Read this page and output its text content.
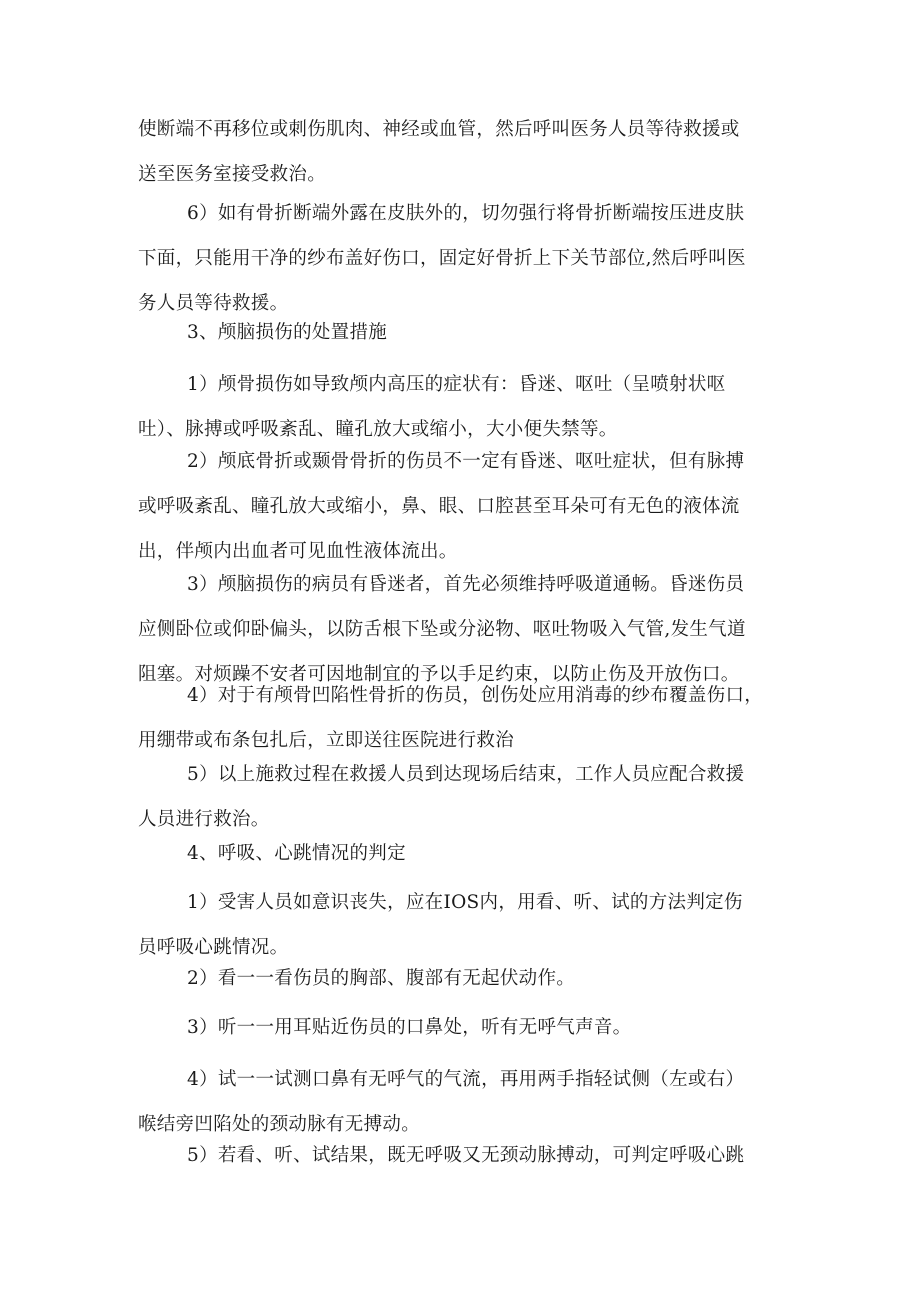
使断端不再移位或刺伤肌肉、神经或血管，然后呼叫医务人员等待救援或
送至医务室接受救治。
6）如有骨折断端外露在皮肤外的，切勿强行将骨折断端按压进皮肤
下面，只能用干净的纱布盖好伤口，固定好骨折上下关节部位,然后呼叫医
务人员等待救援。
3、颅脑损伤的处置措施
1）颅骨损伤如导致颅内高压的症状有：昏迷、呕吐（呈喷射状呕
吐）、脉搏或呼吸紊乱、瞳孔放大或缩小，大小便失禁等。
2）颅底骨折或颞骨骨折的伤员不一定有昏迷、呕吐症状，但有脉搏
或呼吸紊乱、瞳孔放大或缩小，鼻、眼、口腔甚至耳朵可有无色的液体流
出，伴颅内出血者可见血性液体流出。
3）颅脑损伤的病员有昏迷者，首先必须维持呼吸道通畅。昏迷伤员
应侧卧位或仰卧偏头，以防舌根下坠或分泌物、呕吐物吸入气管,发生气道
阻塞。对烦躁不安者可因地制宜的予以手足约束，以防止伤及开放伤口。
4）对于有颅骨凹陷性骨折的伤员，创伤处应用消毒的纱布覆盖伤口，
用绷带或布条包扎后，立即送往医院进行救治
5）以上施救过程在救援人员到达现场后结束，工作人员应配合救援
人员进行救治。
4、呼吸、心跳情况的判定
1）受害人员如意识丧失，应在IOS内，用看、听、试的方法判定伤
员呼吸心跳情况。
2）看一一看伤员的胸部、腹部有无起伏动作。
3）听一一用耳贴近伤员的口鼻处，听有无呼气声音。
4）试一一试测口鼻有无呼气的气流，再用两手指轻试侧（左或右）
喉结旁凹陷处的颈动脉有无搏动。
5）若看、听、试结果，既无呼吸又无颈动脉搏动，可判定呼吸心跳
